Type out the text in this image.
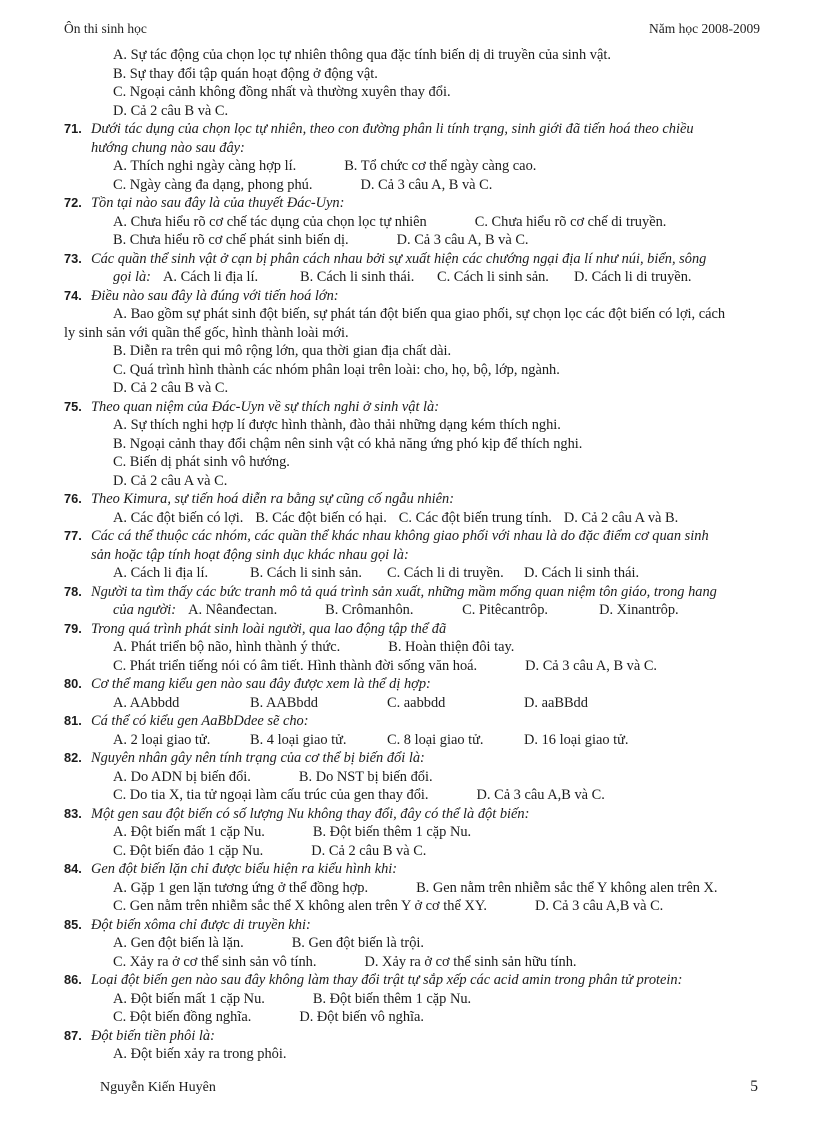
Ôn thi sinh học	Năm học 2008-2009
A. Sự tác động của chọn lọc tự nhiên thông qua đặc tính biến dị di truyền của sinh vật.
B. Sự thay đổi tập quán hoạt động ở động vật.
C. Ngoại cảnh không đồng nhất và thường xuyên thay đổi.
D. Cả 2 câu B và C.
71. Dưới tác dụng của chọn lọc tự nhiên, theo con đường phân li tính trạng, sinh giới đã tiến hoá theo chiều
hướng chung nào sau đây:
A. Thích nghi ngày càng hợp lí.	B. Tổ chức cơ thể ngày càng cao.
C. Ngày càng đa dạng, phong phú.	D. Cả 3 câu A, B và C.
72. Tồn tại nào sau đây là của thuyết Đác-Uyn:
A. Chưa hiểu rõ cơ chế tác dụng của chọn lọc tự nhiên	C. Chưa hiểu rõ cơ chế di truyền.
B. Chưa hiểu rõ cơ chế phát sinh biến dị.	D. Cả 3 câu A, B và C.
73. Các quần thể sinh vật ở cạn bị phân cách nhau bởi sự xuất hiện các chướng ngại địa lí như núi, biển, sông
gọi là: A. Cách li địa lí.	B. Cách li sinh thái.	C. Cách li sinh sản.	D. Cách li di truyền.
74. Điều nào sau đây là đúng với tiến hoá lớn:
A. Bao gồm sự phát sinh đột biến, sự phát tán đột biến qua giao phối, sự chọn lọc các đột biến có lợi, cách
ly sinh sản với quần thể gốc, hình thành loài mới.
B. Diễn ra trên qui mô rộng lớn, qua thời gian địa chất dài.
C. Quá trình hình thành các nhóm phân loại trên loài: cho, họ, bộ, lớp, ngành.
D. Cả 2 câu B và C.
75. Theo quan niệm của Đác-Uyn về sự thích nghi ở sinh vật là:
A. Sự thích nghi hợp lí được hình thành, đào thải những dạng kém thích nghi.
B. Ngoại cảnh thay đổi chậm nên sinh vật có khả năng ứng phó kịp để thích nghi.
C. Biến dị phát sinh vô hướng.
D. Cả 2 câu A và C.
76. Theo Kimura, sự tiến hoá diễn ra bằng sự cũng cố ngẫu nhiên:
A. Các đột biến có lợi. B. Các đột biến có hại. C. Các đột biến trung tính. D. Cả 2 câu A và B.
77. Các cá thể thuộc các nhóm, các quần thể khác nhau không giao phối với nhau là do đặc điểm cơ quan sinh
sản hoặc tập tính hoạt động sinh dục khác nhau gọi là:
A. Cách li địa lí.	B. Cách li sinh sản.	C. Cách li di truyền.	D. Cách li sinh thái.
78. Người ta tìm thấy các bức tranh mô tả quá trình sản xuất, những mầm mống quan niệm tôn giáo, trong hang
của người: A. Nêanđectan.	B. Crômanhôn.	C. Pitêcantrôp.	D. Xinantrôp.
79. Trong quá trình phát sinh loài người, qua lao động tập thể đã
A. Phát triển bộ não, hình thành ý thức.	B. Hoàn thiện đôi tay.
C. Phát triển tiếng nói có âm tiết. Hình thành đời sống văn hoá.	D. Cả 3 câu A, B và C.
80. Cơ thể mang kiểu gen nào sau đây được xem là thể dị hợp:
A. AAbbdd	B. AABbdd	C. aabbdd	D. aaBBdd
81. Cá thể có kiểu gen AaBbDdee sẽ cho:
A. 2 loại giao tử.	B. 4 loại giao tử.	C. 8 loại giao tử.	D. 16 loại giao tử.
82. Nguyên nhân gây nên tính trạng của cơ thể bị biến đổi là:
A. Do ADN bị biến đổi.	B. Do NST bị biến đổi.
C. Do tia X, tia tử ngoại làm cấu trúc của gen thay đổi.	D. Cả 3 câu A,B và C.
83. Một gen sau đột biến có số lượng Nu không thay đổi, đây có thể là đột biến:
A. Đột biến mất 1 cặp Nu.	B. Đột biến thêm 1 cặp Nu.
C. Đột biến đảo 1 cặp Nu.	D. Cả 2 câu B và C.
84. Gen đột biến lặn chỉ được biểu hiện ra kiểu hình khi:
A. Gặp 1 gen lặn tương ứng ở thể đồng hợp.	B. Gen nằm trên nhiễm sắc thể Y không alen trên X.
C. Gen nằm trên nhiễm sắc thể X không alen trên Y ở cơ thể XY.	D. Cả 3 câu A,B và C.
85. Đột biến xôma chỉ được di truyền khi:
A. Gen đột biến là lặn.	B. Gen đột biến là trội.
C. Xảy ra ở cơ thể sinh sản vô tính.	D. Xảy ra ở cơ thể sinh sản hữu tính.
86. Loại đột biến gen nào sau đây không làm thay đổi trật tự sắp xếp các acid amin trong phân tử protein:
A. Đột biến mất 1 cặp Nu.	B. Đột biến thêm 1 cặp Nu.
C. Đột biến đồng nghĩa.	D. Đột biến vô nghĩa.
87. Đột biến tiền phôi là:
A. Đột biến xảy ra trong phôi.
Nguyễn Kiến Huyên	5
